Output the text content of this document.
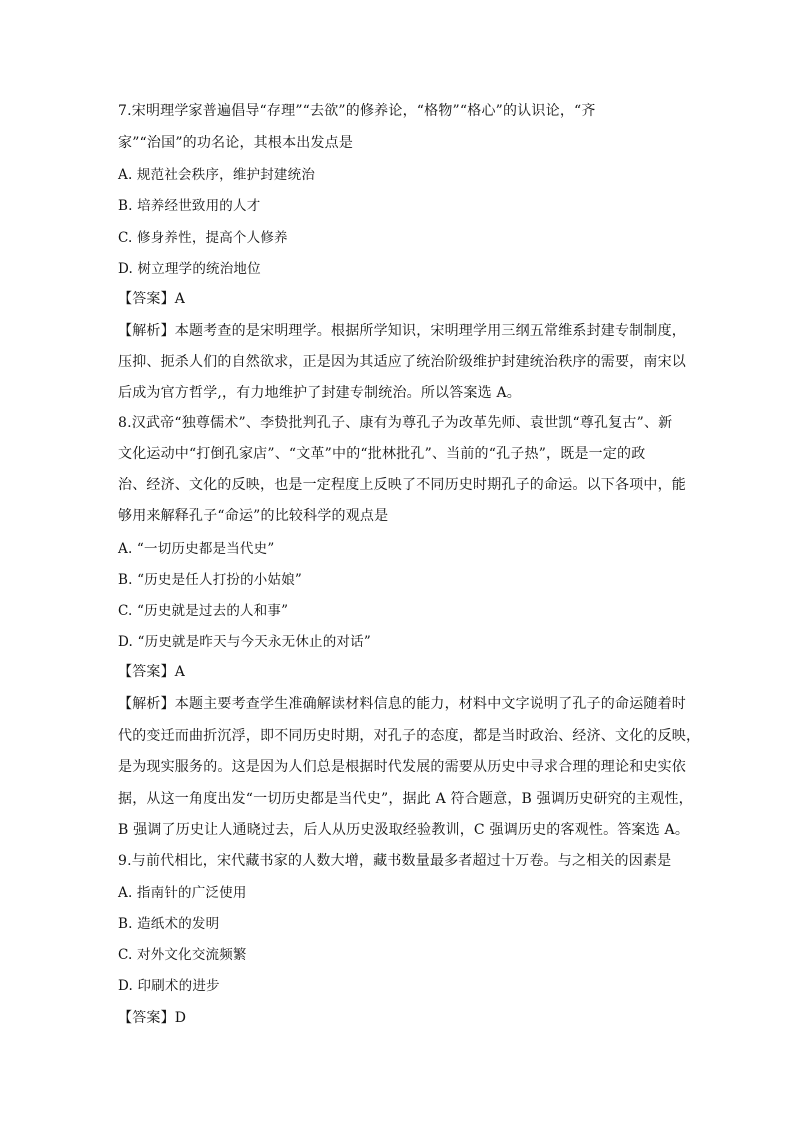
7.宋明理学家普遍倡导“存理”“去欲”的修养论，“格物”“格心”的认识论，“齐
家”“治国”的功名论，其根本出发点是
A. 规范社会秩序，维护封建统治
B. 培养经世致用的人才
C. 修身养性，提高个人修养
D. 树立理学的统治地位
【答案】A
【解析】本题考查的是宋明理学。根据所学知识，宋明理学用三纲五常维系封建专制制度，
压抑、扼杀人们的自然欲求，正是因为其适应了统治阶级维护封建统治秩序的需要，南宋以
后成为官方哲学,，有力地维护了封建专制统治。所以答案选 A。
8.汉武帝“独尊儒术”、李贽批判孔子、康有为尊孔子为改革先师、袁世凯“尊孔复古”、新
文化运动中“打倒孔家店”、“文革”中的“批林批孔”、当前的“孔子热”，既是一定的政
治、经济、文化的反映，也是一定程度上反映了不同历史时期孔子的命运。以下各项中，能
够用来解释孔子“命运”的比较科学的观点是
A. “一切历史都是当代史”
B. “历史是任人打扮的小姑娘”
C. “历史就是过去的人和事”
D. “历史就是昨天与今天永无休止的对话”
【答案】A
【解析】本题主要考查学生准确解读材料信息的能力，材料中文字说明了孔子的命运随着时
代的变迁而曲折沉浮，即不同历史时期，对孔子的态度，都是当时政治、经济、文化的反映，
是为现实服务的。这是因为人们总是根据时代发展的需要从历史中寻求合理的理论和史实依
据，从这一角度出发“一切历史都是当代史”，据此 A 符合题意，B 强调历史研究的主观性，
B 强调了历史让人通晓过去，后人从历史汲取经验教训，C 强调历史的客观性。答案选 A。
9.与前代相比，宋代藏书家的人数大增，藏书数量最多者超过十万卷。与之相关的因素是
A. 指南针的广泛使用
B. 造纸术的发明
C. 对外文化交流频繁
D. 印刷术的进步
【答案】D
